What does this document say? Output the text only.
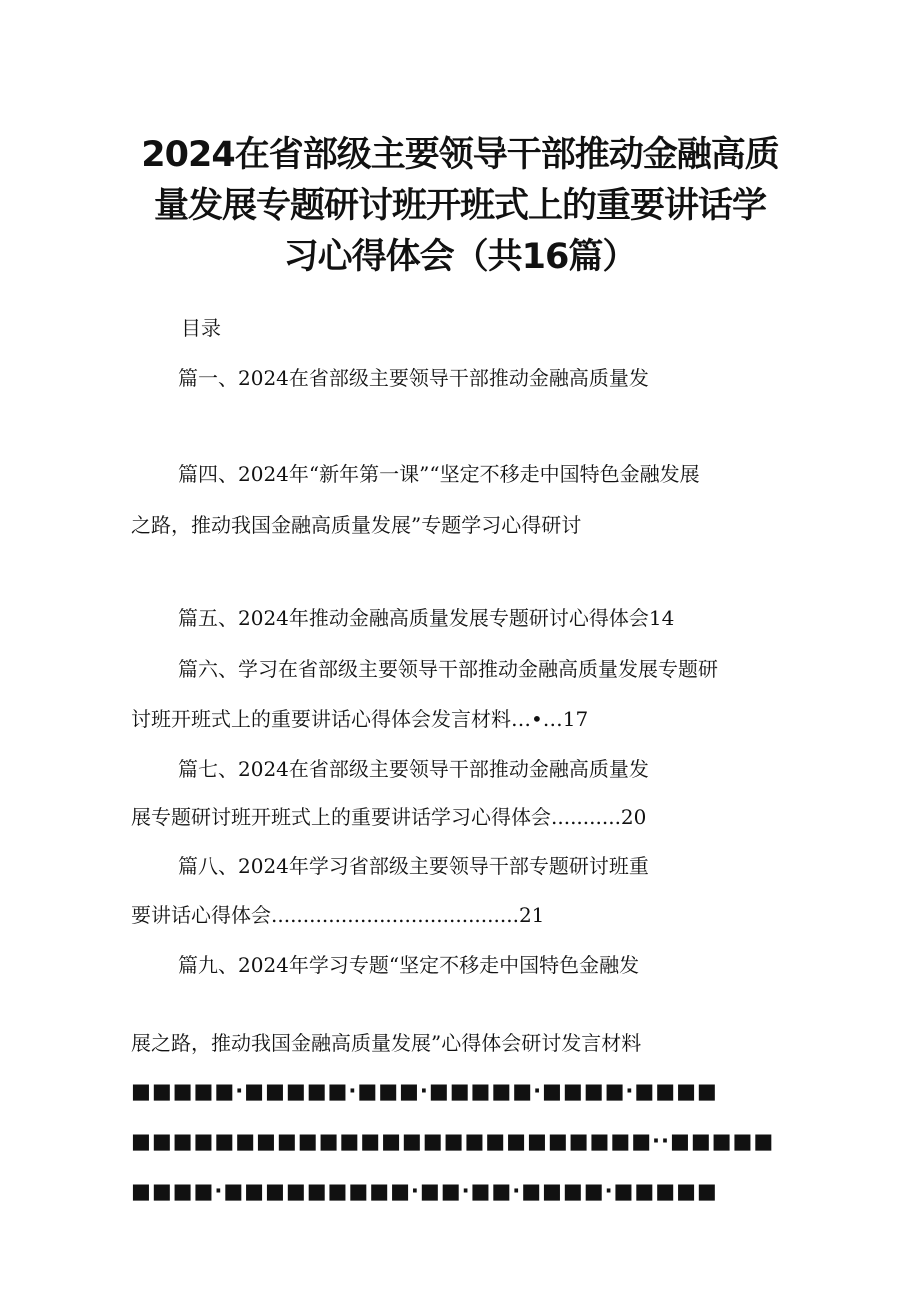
2024在省部级主要领导干部推动金融高质
量发展专题研讨班开班式上的重要讲话学
习心得体会（共16篇）
目录
篇一、2024在省部级主要领导干部推动金融高质量发
篇四、2024年“新年第一课”“坚定不移走中国特色金融发展
之路，推动我国金融高质量发展”专题学习心得研讨
篇五、2024年推动金融高质量发展专题研讨心得体会14
篇六、学习在省部级主要领导干部推动金融高质量发展专题研
讨班开班式上的重要讲话心得体会发言材料…•…17
篇七、2024在省部级主要领导干部推动金融高质量发
展专题研讨班开班式上的重要讲话学习心得体会...........20
篇八、2024年学习省部级主要领导干部专题研讨班重
要讲话心得体会.......................................21
篇九、2024年学习专题“坚定不移走中国特色金融发
展之路，推动我国金融高质量发展”心得体会研讨发言材料
■■■■■·■■■■■·■■■·■■■■■·■■■■·■■■■
■■■■■■■■■■■■■■■■■■■■■■■■■··■■■■■
■■■■·■■■■■■■■■·■■·■■·■■■■·■■■■■
